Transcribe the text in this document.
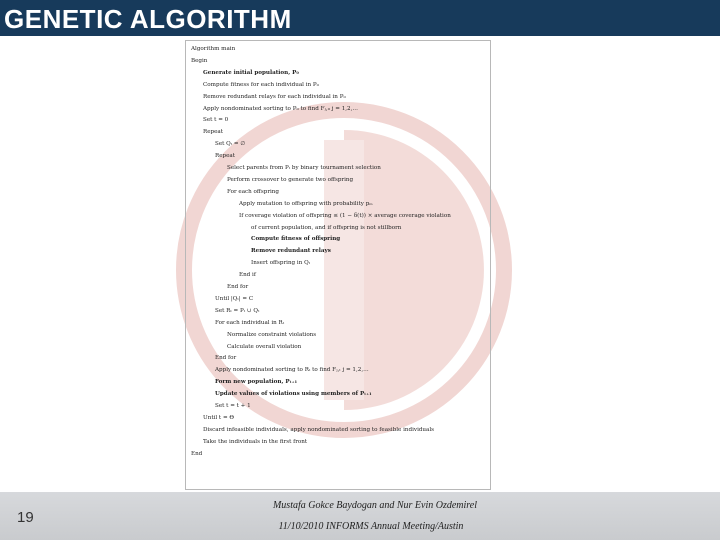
GENETIC ALGORITHM
Algorithm main
Begin
Generate initial population, P₀
Compute fitness for each individual in P₀
Remove redundant relays for each individual in P₀
Apply nondominated sorting to P₀ to find Fⱼ,₀ j = 1,2,…
Set t = 0
Repeat
Set Qₜ = ∅
Repeat
Select parents from Pₜ by binary tournament selection
Perform crossover to generate two offspring
For each offspring
Apply mutation to offspring with probability pₘ
If coverage violation of offspring ≤ (1 − δ(t)) × average coverage violation
of current population, and if offspring is not stillborn
Compute fitness of offspring
Remove redundant relays
Insert offspring in Qₜ
End if
End for
Until |Qₜ| = C
Set Rₜ = Pₜ ∪ Qₜ
For each individual in Rₜ
Normalize constraint violations
Calculate overall violation
End for
Apply nondominated sorting to Rₜ to find Fⱼ,ₜ j = 1,2,…
Form new population, Pₜ₊₁
Update values of violations using members of Pₜ₊₁
Set t = t + 1
Until t = Θ
Discard infeasible individuals, apply nondominated sorting to feasible individuals
Take the individuals in the first front
End
19
Mustafa Gokce Baydogan and Nur Evin Ozdemirel
11/10/2010 INFORMS Annual Meeting/Austin
